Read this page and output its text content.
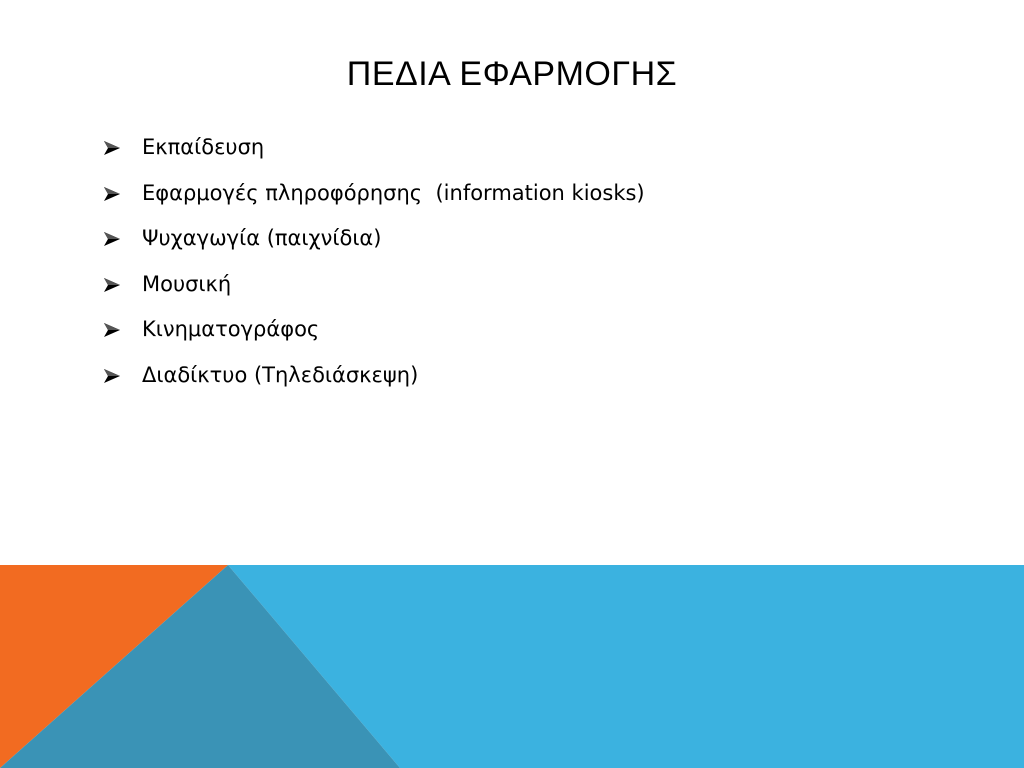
ΠΕΔΙΑ ΕΦΑΡΜΟΓΗΣ
Εκπαίδευση
Εφαρμογές πληροφόρησης  (information kiosks)
Ψυχαγωγία (παιχνίδια)
Μουσική
Κινηματογράφος
Διαδίκτυο (Τηλεδιάσκεψη)
